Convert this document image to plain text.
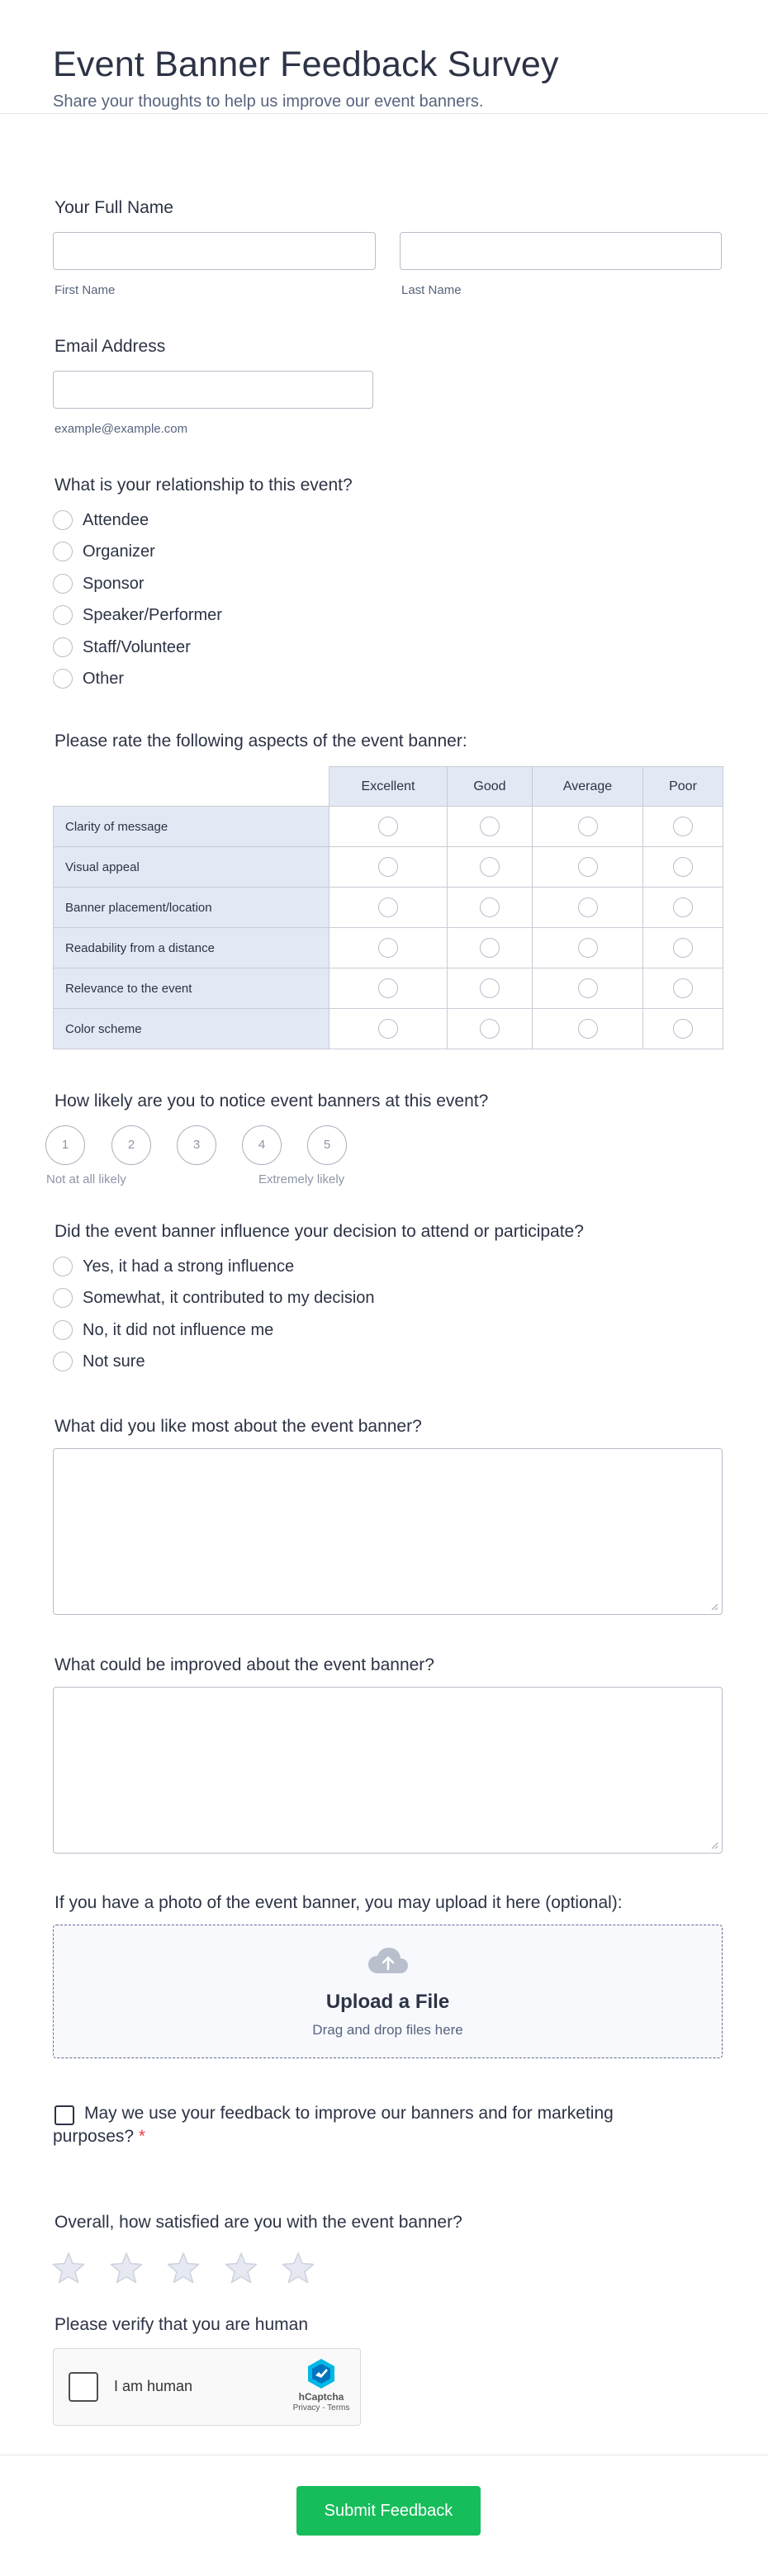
Event Banner Feedback Survey
Share your thoughts to help us improve our event banners.
Your Full Name
First Name	Last Name
Email Address
example@example.com
What is your relationship to this event?
Attendee
Organizer
Sponsor
Speaker/Performer
Staff/Volunteer
Other
Please rate the following aspects of the event banner:
	Excellent	Good	Average	Poor
Clarity of message				
Visual appeal				
Banner placement/location				
Readability from a distance				
Relevance to the event				
Color scheme				
How likely are you to notice event banners at this event?
1	2	3	4	5
Not at all likely	Extremely likely
Did the event banner influence your decision to attend or participate?
Yes, it had a strong influence
Somewhat, it contributed to my decision
No, it did not influence me
Not sure
What did you like most about the event banner?
What could be improved about the event banner?
If you have a photo of the event banner, you may upload it here (optional):
Upload a File
Drag and drop files here
May we use your feedback to improve our banners and for marketing purposes? *
Overall, how satisfied are you with the event banner?
Please verify that you are human
I am human
hCaptcha
Privacy - Terms
Submit Feedback
